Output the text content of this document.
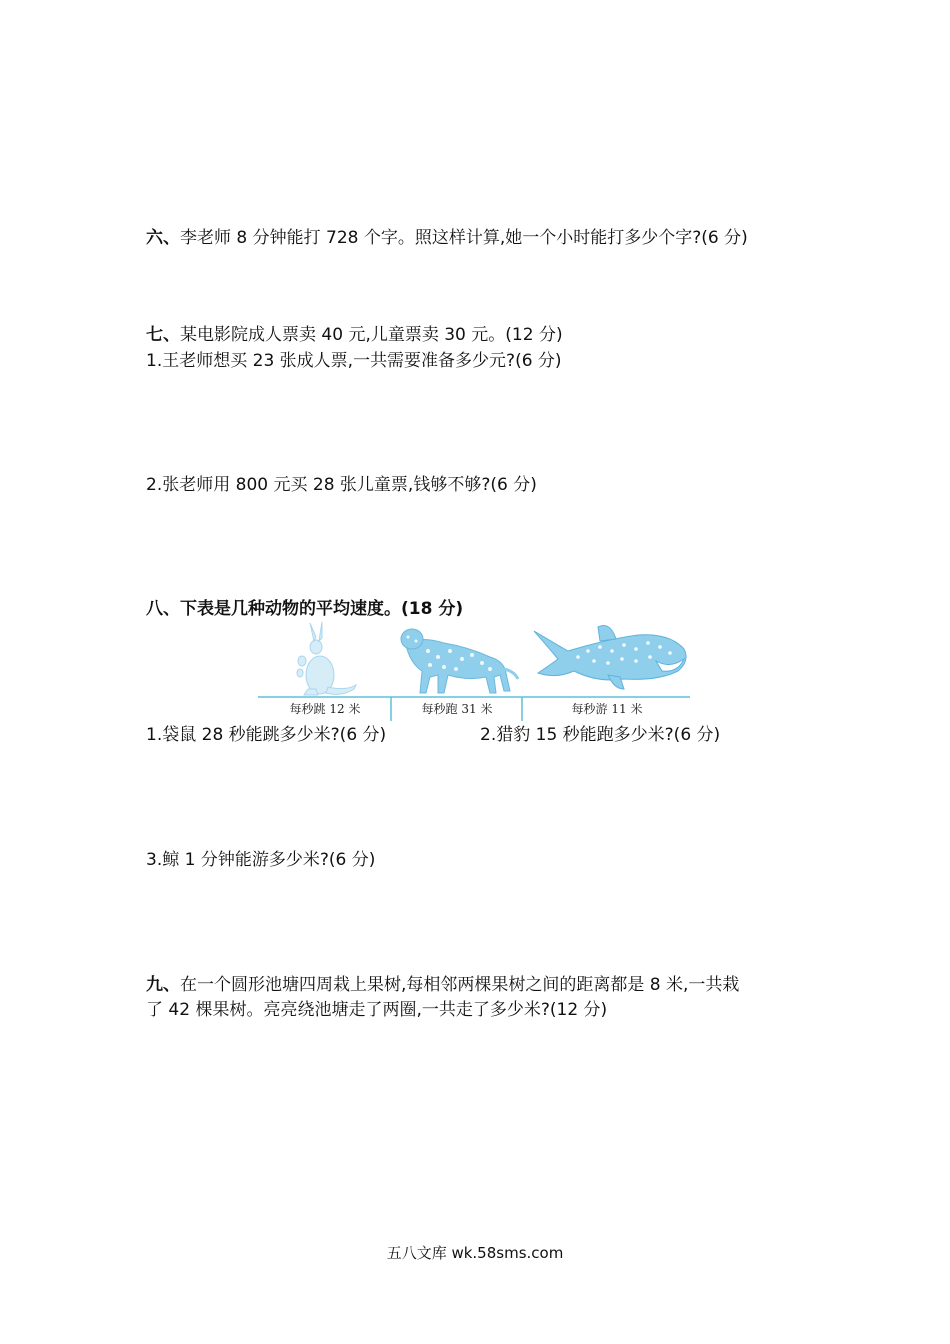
六、李老师 8 分钟能打 728 个字。照这样计算,她一个小时能打多少个字?(6 分)
七、某电影院成人票卖 40 元,儿童票卖 30 元。(12 分)
1.王老师想买 23 张成人票,一共需要准备多少元?(6 分)
2.张老师用 800 元买 28 张儿童票,钱够不够?(6 分)
八、下表是几种动物的平均速度。(18 分)
每秒跳 12 米	每秒跑 31 米	每秒游 11 米
1.袋鼠 28 秒能跳多少米?(6 分)	2.猎豹 15 秒能跑多少米?(6 分)
3.鲸 1 分钟能游多少米?(6 分)
九、在一个圆形池塘四周栽上果树,每相邻两棵果树之间的距离都是 8 米,一共栽
了 42 棵果树。亮亮绕池塘走了两圈,一共走了多少米?(12 分)
五八文库 wk.58sms.com
